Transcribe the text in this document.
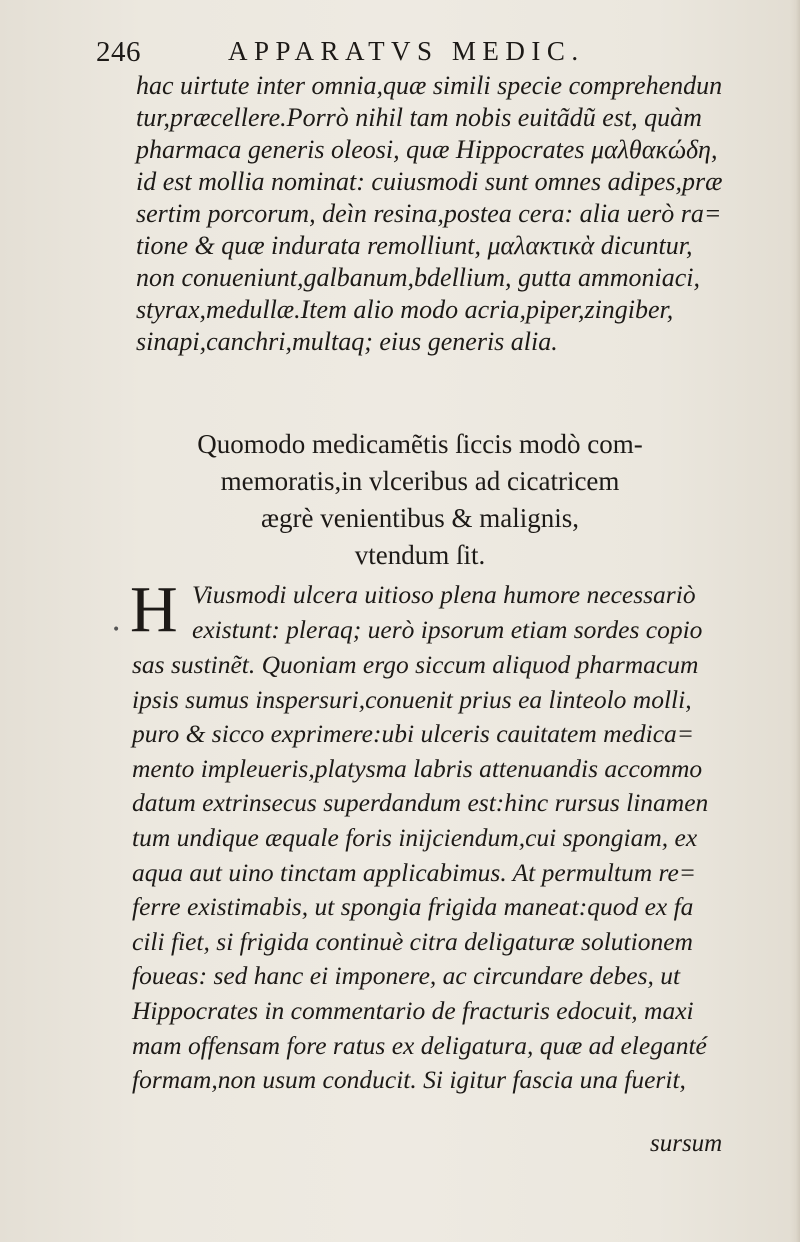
246	APPARATVS MEDIC.
hac uirtute inter omnia,quæ simili specie comprehendun
tur,præcellere.Porrò nihil tam nobis euitãdũ est, quàm
pharmaca generis oleosi, quæ Hippocrates μαλθακώδη,
id est mollia nominat: cuiusmodi sunt omnes adipes,præ
sertim porcorum, deìn resina,postea cera: alia uerò ra=
tione & quæ indurata remolliunt, μαλακτικὰ dicuntur,
non conueniunt,galbanum,bdellium, gutta ammoniaci,
styrax,medullæ.Item alio modo acria,piper,zingiber,
sinapi,canchri,multaq; eius generis alia.
Quomodo medicamẽtis ſiccis modò com-
memoratis,in vlceribus ad cicatricem
ægrè venientibus & malignis,
vtendum ſit.
H
•
Viusmodi ulcera uitioso plena humore necessariò
existunt: pleraq; uerò ipsorum etiam sordes copio
sas sustinẽt. Quoniam ergo siccum aliquod pharmacum
ipsis sumus inspersuri,conuenit prius ea linteolo molli,
puro & sicco exprimere:ubi ulceris cauitatem medica=
mento impleueris,platysma labris attenuandis accommo
datum extrinsecus superdandum est:hinc rursus linamen
tum undique æquale foris inijciendum,cui spongiam, ex
aqua aut uino tinctam applicabimus. At permultum re=
ferre existimabis, ut spongia frigida maneat:quod ex fa
cili fiet, si frigida continuè citra deligaturæ solutionem
foueas: sed hanc ei imponere, ac circundare debes, ut
Hippocrates in commentario de fracturis edocuit, maxi
mam offensam fore ratus ex deligatura, quæ ad eleganté
formam,non usum conducit. Si igitur fascia una fuerit,
sursum
